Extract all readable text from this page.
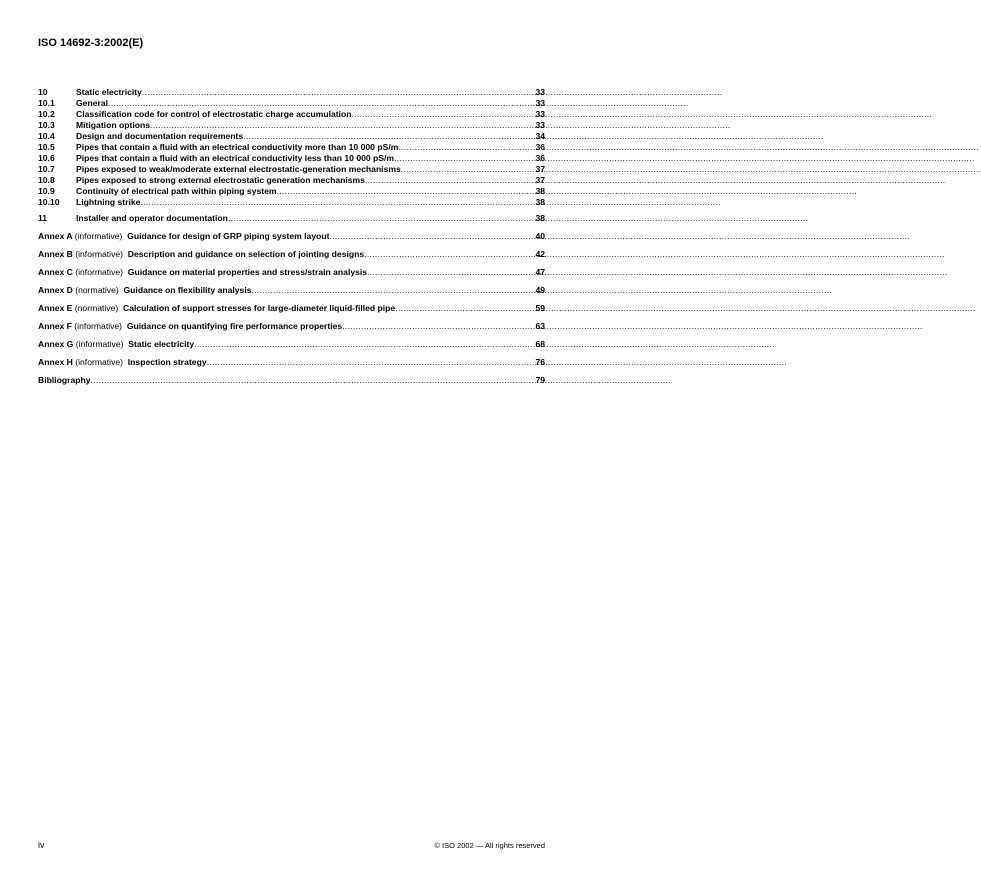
ISO 14692-3:2002(E)
10	Static electricity .....	33
10.1	General .....	33
10.2	Classification code for control of electrostatic charge accumulation .....	33
10.3	Mitigation options .....	33
10.4	Design and documentation requirements .....	34
10.5	Pipes that contain a fluid with an electrical conductivity more than 10 000 pS/m .....	36
10.6	Pipes that contain a fluid with an electrical conductivity less than 10 000 pS/m .....	36
10.7	Pipes exposed to weak/moderate external electrostatic-generation mechanisms .....	37
10.8	Pipes exposed to strong external electrostatic generation mechanisms .....	37
10.9	Continuity of electrical path within piping system .....	38
10.10	Lightning strike .....	38
11	Installer and operator documentation .....	38
Annex A (informative) Guidance for design of GRP piping system layout .....	40
Annex B (informative) Description and guidance on selection of jointing designs .....	42
Annex C (informative) Guidance on material properties and stress/strain analysis .....	47
Annex D (normative) Guidance on flexibility analysis .....	49
Annex E (normative) Calculation of support stresses for large-diameter liquid-filled pipe .....	59
Annex F (informative) Guidance on quantifying fire performance properties .....	63
Annex G (informative) Static electricity .....	68
Annex H (informative) Inspection strategy .....	76
Bibliography .....	79
iv	© ISO 2002 — All rights reserved
